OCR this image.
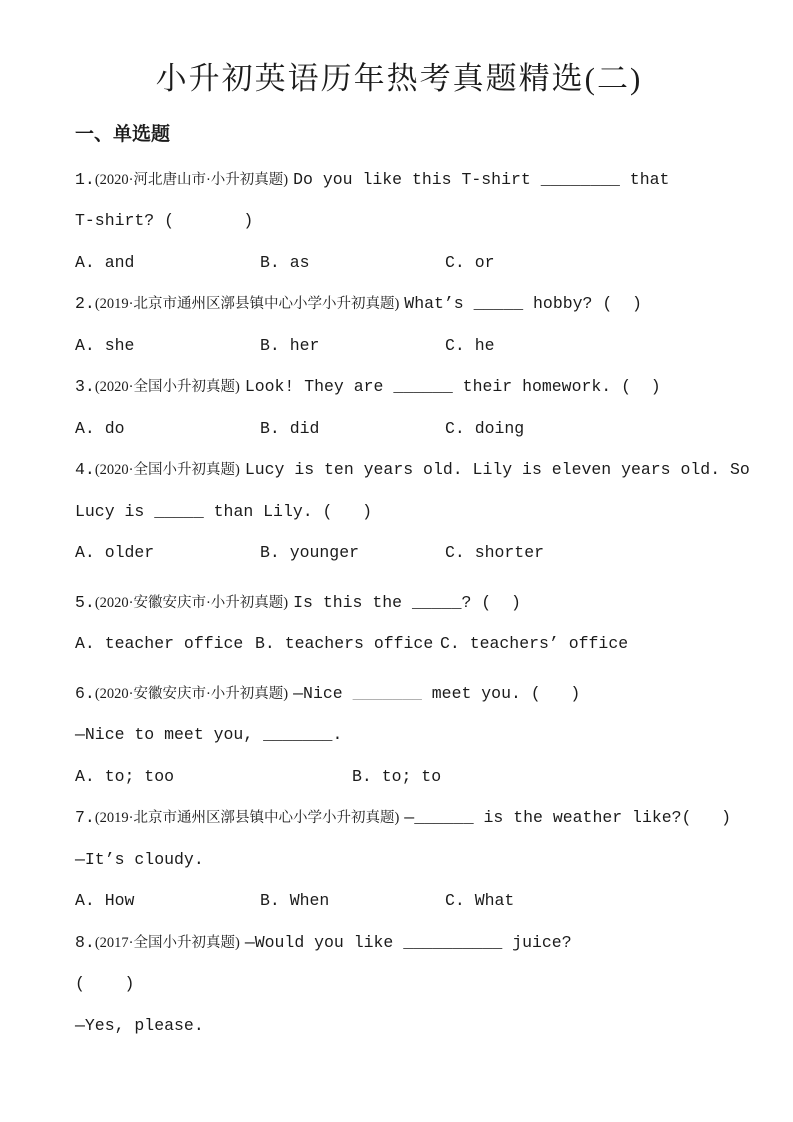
小升初英语历年热考真题精选(二)
一、单选题
1. (2020·河北唐山市·小升初真题) Do you like this T-shirt ________ that
T-shirt? (       )
A. and	B. as	C. or
2. (2019·北京市通州区漷县镇中心小学小升初真题) What’s _____ hobby? (  )
A. she	B. her	C. he
3. (2020·全国小升初真题) Look! They are ______ their homework. (  )
A. do	B. did	C. doing
4. (2020·全国小升初真题) Lucy is ten years old. Lily is eleven years old. So
Lucy is _____ than Lily. (   )
A. older	B. younger	C. shorter
5. (2020·安徽安庆市·小升初真题) Is this the _____ ? (  )
A. teacher office B. teachers office C. teachers’ office
6. (2020·安徽安庆市·小升初真题) —Nice _______ meet you. (   )
—Nice to meet you, _______ .
A. to; too	B. to; to
7. (2019·北京市通州区漷县镇中心小学小升初真题) — ______ is the weather like?(   )
—It’s cloudy.
A. How	B. When	C. What
8. (2017·全国小升初真题) —Would you like __________ juice?
(    )
—Yes, please.
